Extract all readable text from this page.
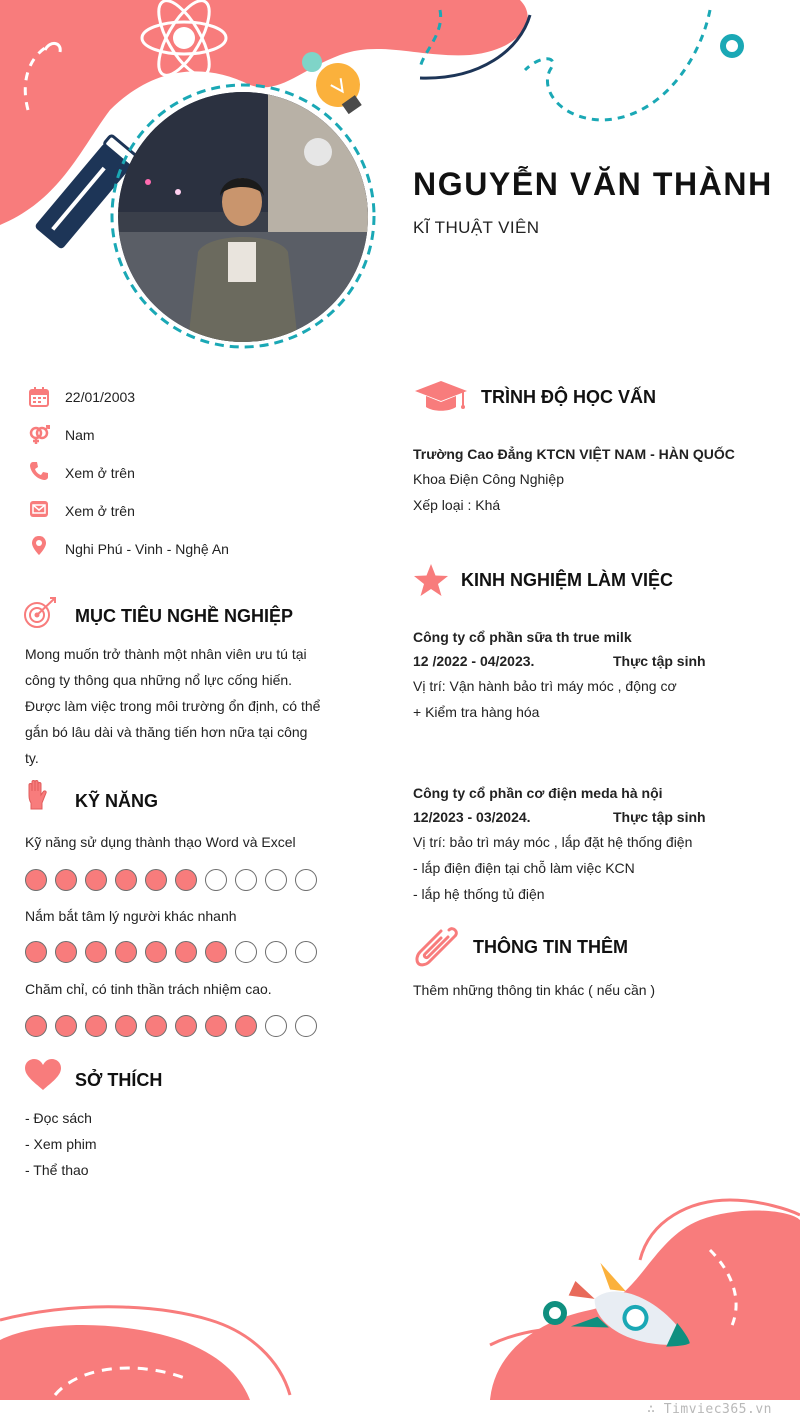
NGUYỄN VĂN THÀNH
KĨ THUẬT VIÊN
22/01/2003
Nam
Xem ở trên
Xem ở trên
Nghi Phú - Vinh - Nghệ An
MỤC TIÊU NGHỀ NGHIỆP
Mong muốn trở thành một nhân viên ưu tú tại
công ty thông qua những nổ lực cống hiến.
Được làm việc trong môi trường ổn định, có thể
gắn bó lâu dài và thăng tiến hơn nữa tại công
ty.
KỸ NĂNG
Kỹ năng sử dụng thành thạo Word và Excel
Nắm bắt tâm lý người khác nhanh
Chăm chỉ, có tinh thần trách nhiệm cao.
SỞ THÍCH
- Đọc sách
- Xem phim
- Thể thao
TRÌNH ĐỘ HỌC VẤN
Trường Cao Đẳng KTCN VIỆT NAM - HÀN QUỐC
Khoa Điện Công Nghiệp
Xếp loại : Khá
KINH NGHIỆM LÀM VIỆC
Công ty cổ phần sữa th true milk
12 /2022 - 04/2023.	Thực tập sinh
Vị trí: Vận hành bảo trì máy móc , động cơ
+ Kiểm tra hàng hóa
Công ty cổ phần cơ điện meda hà nội
12/2023 - 03/2024.	Thực tập sinh
Vị trí: bảo trì máy móc , lắp đặt hệ thống điện
- lắp điện điện tại chỗ làm việc KCN
- lắp hệ thống tủ điện
THÔNG TIN THÊM
Thêm những thông tin khác ( nếu cần )
∴ Timviec365.vn
